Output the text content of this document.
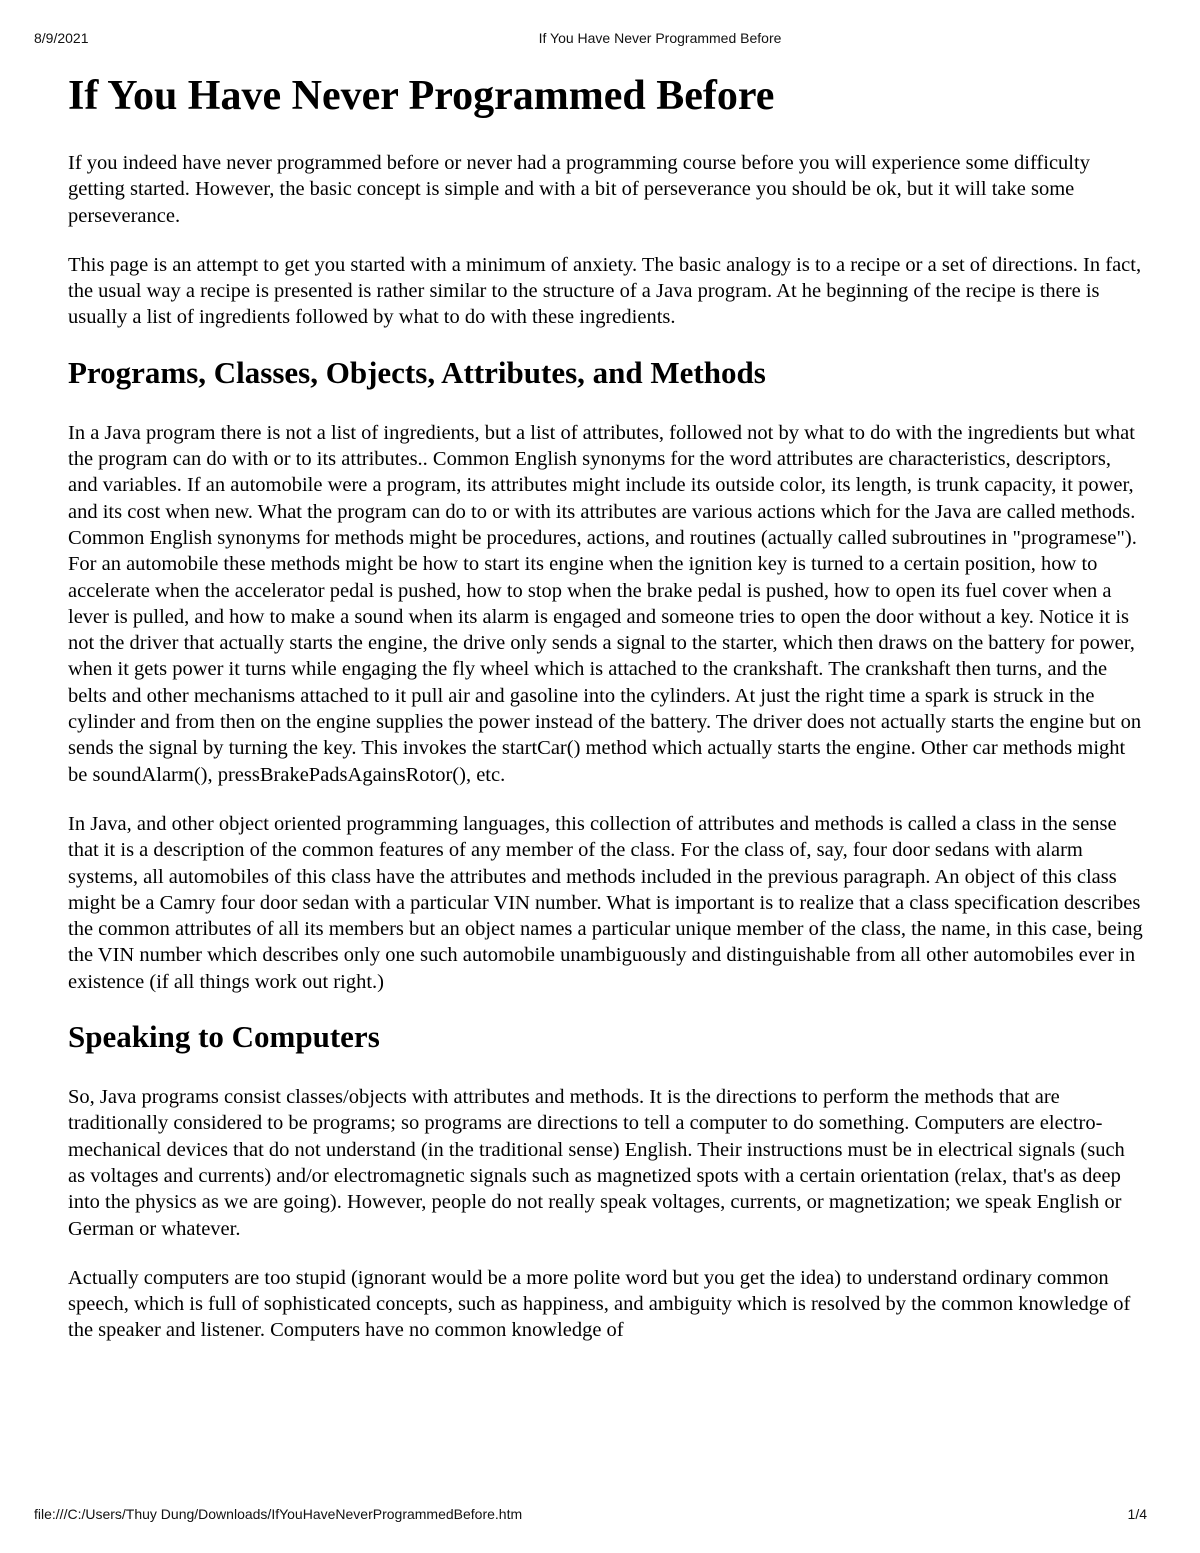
8/9/2021	If You Have Never Programmed Before
If You Have Never Programmed Before

If you indeed have never programmed before or never had a programming course before you will experience some difficulty getting started. However, the basic concept is simple and with a bit of perseverance you should be ok, but it will take some perseverance.

This page is an attempt to get you started with a minimum of anxiety. The basic analogy is to a recipe or a set of directions. In fact, the usual way a recipe is presented is rather similar to the structure of a Java program. At he beginning of the recipe is there is usually a list of ingredients followed by what to do with these ingredients.

Programs, Classes, Objects, Attributes, and Methods

In a Java program there is not a list of ingredients, but a list of attributes, followed not by what to do with the ingredients but what the program can do with or to its attributes.. Common English synonyms for the word attributes are characteristics, descriptors, and variables. If an automobile were a program, its attributes might include its outside color, its length, is trunk capacity, it power, and its cost when new. What the program can do to or with its attributes are various actions which for the Java are called methods. Common English synonyms for methods might be procedures, actions, and routines (actually called subroutines in "programese"). For an automobile these methods might be how to start its engine when the ignition key is turned to a certain position, how to accelerate when the accelerator pedal is pushed, how to stop when the brake pedal is pushed, how to open its fuel cover when a lever is pulled, and how to make a sound when its alarm is engaged and someone tries to open the door without a key. Notice it is not the driver that actually starts the engine, the drive only sends a signal to the starter, which then draws on the battery for power, when it gets power it turns while engaging the fly wheel which is attached to the crankshaft. The crankshaft then turns, and the belts and other mechanisms attached to it pull air and gasoline into the cylinders. At just the right time a spark is struck in the cylinder and from then on the engine supplies the power instead of the battery. The driver does not actually starts the engine but on sends the signal by turning the key. This invokes the startCar() method which actually starts the engine. Other car methods might be soundAlarm(), pressBrakePadsAgainsRotor(), etc.

In Java, and other object oriented programming languages, this collection of attributes and methods is called a class in the sense that it is a description of the common features of any member of the class. For the class of, say, four door sedans with alarm systems, all automobiles of this class have the attributes and methods included in the previous paragraph. An object of this class might be a Camry four door sedan with a particular VIN number. What is important is to realize that a class specification describes the common attributes of all its members but an object names a particular unique member of the class, the name, in this case, being the VIN number which describes only one such automobile unambiguously and distinguishable from all other automobiles ever in existence (if all things work out right.)

Speaking to Computers

So, Java programs consist classes/objects with attributes and methods. It is the directions to perform the methods that are traditionally considered to be programs; so programs are directions to tell a computer to do something. Computers are electro-mechanical devices that do not understand (in the traditional sense) English. Their instructions must be in electrical signals (such as voltages and currents) and/or electromagnetic signals such as magnetized spots with a certain orientation (relax, that's as deep into the physics as we are going). However, people do not really speak voltages, currents, or magnetization; we speak English or German or whatever.

Actually computers are too stupid (ignorant would be a more polite word but you get the idea) to understand ordinary common speech, which is full of sophisticated concepts, such as happiness, and ambiguity which is resolved by the common knowledge of the speaker and listener. Computers have no common knowledge of

file:///C:/Users/Thuy Dung/Downloads/IfYouHaveNeverProgrammedBefore.htm	1/4
